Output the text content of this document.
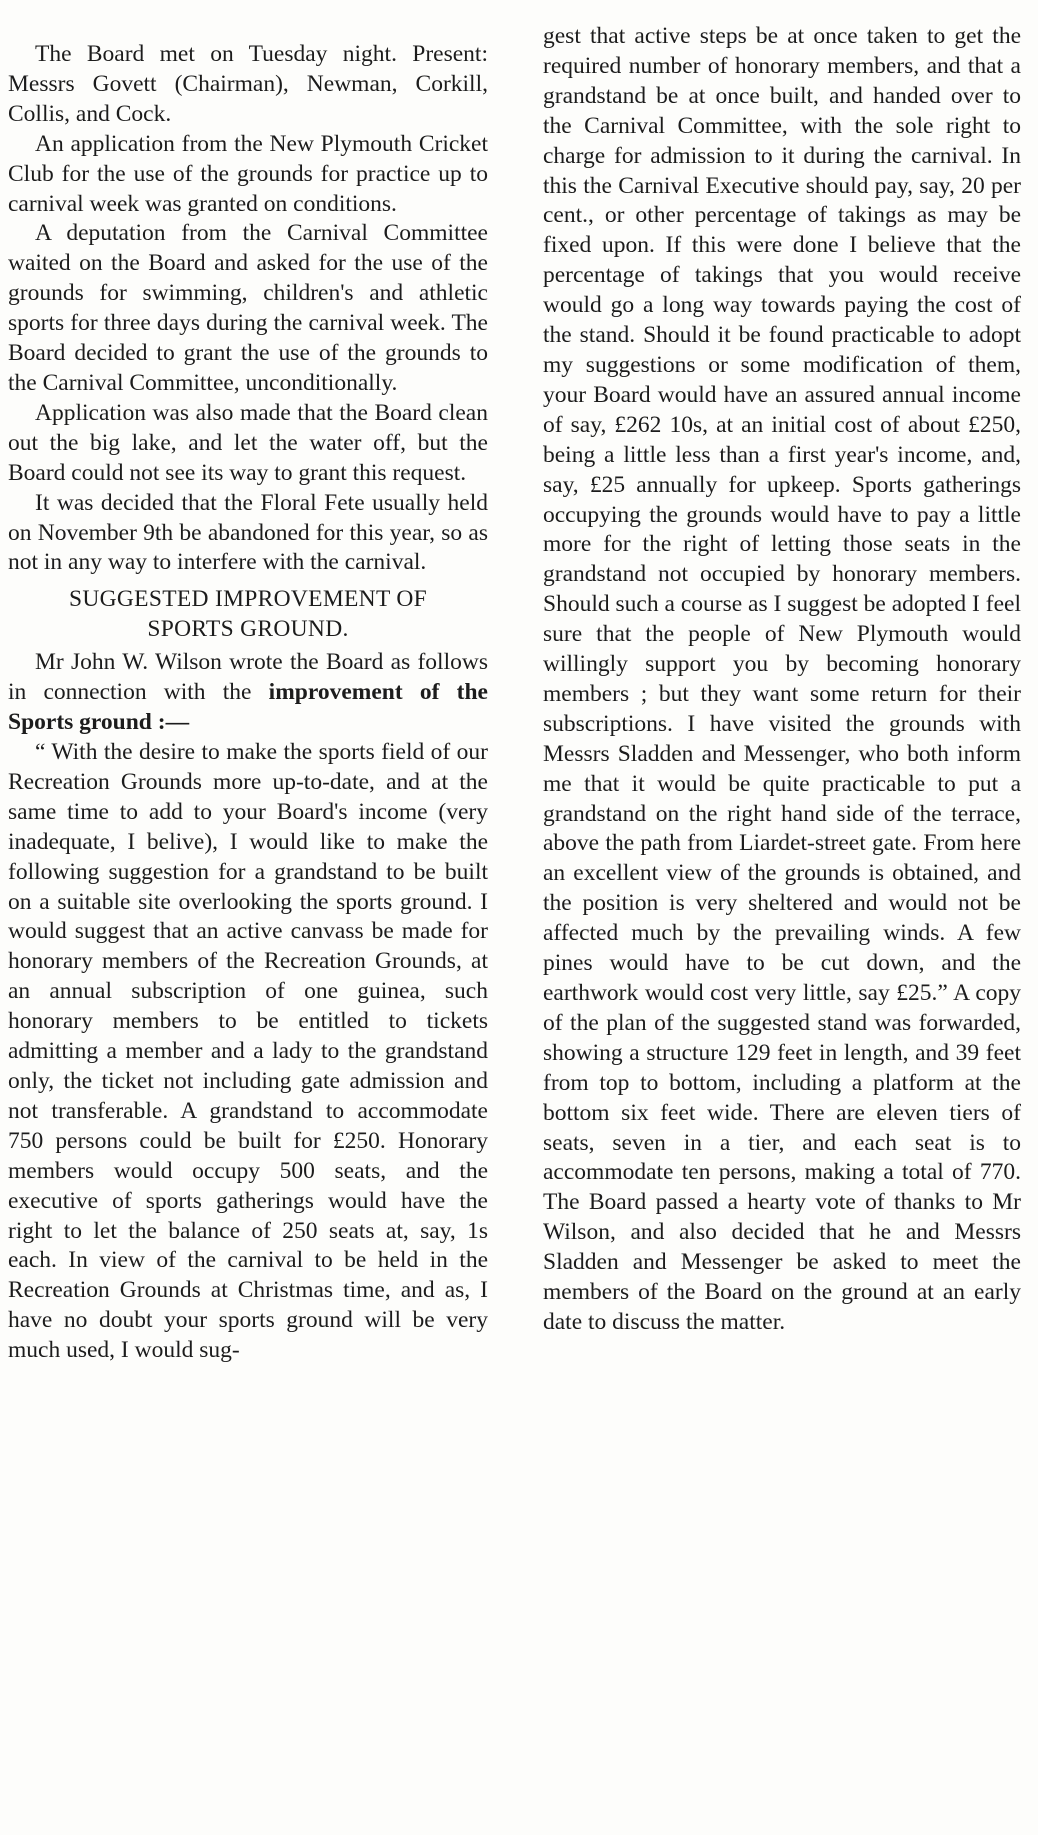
The Board met on Tuesday night. Present: Messrs Govett (Chairman), Newman, Corkill, Collis, and Cock.

An application from the New Plymouth Cricket Club for the use of the grounds for practice up to carnival week was granted on conditions.

A deputation from the Carnival Committee waited on the Board and asked for the use of the grounds for swimming, children's and athletic sports for three days during the carnival week. The Board decided to grant the use of the grounds to the Carnival Committee, unconditionally.

Application was also made that the Board clean out the big lake, and let the water off, but the Board could not see its way to grant this request.

It was decided that the Floral Fete usually held on November 9th be abandoned for this year, so as not in any way to interfere with the carnival.

SUGGESTED IMPROVEMENT OF
SPORTS GROUND.

Mr John W. Wilson wrote the Board as follows in connection with the improvement of the Sports ground :—

“ With the desire to make the sports field of our Recreation Grounds more up-to-date, and at the same time to add to your Board's income (very inadequate, I belive), I would like to make the following suggestion for a grandstand to be built on a suitable site overlooking the sports ground. I would suggest that an active canvass be made for honorary members of the Recreation Grounds, at an annual subscription of one guinea, such honorary members to be entitled to tickets admitting a member and a lady to the grandstand only, the ticket not including gate admission and not transferable. A grandstand to accommodate 750 persons could be built for £250. Honorary members would occupy 500 seats, and the executive of sports gatherings would have the right to let the balance of 250 seats at, say, 1s each. In view of the carnival to be held in the Recreation Grounds at Christmas time, and as, I have no doubt your sports ground will be very much used, I would sug-

gest that active steps be at once taken to get the required number of honorary members, and that a grandstand be at once built, and handed over to the Carnival Committee, with the sole right to charge for admission to it during the carnival. In this the Carnival Executive should pay, say, 20 per cent., or other percentage of takings as may be fixed upon. If this were done I believe that the percentage of takings that you would receive would go a long way towards paying the cost of the stand. Should it be found practicable to adopt my suggestions or some modification of them, your Board would have an assured annual income of say, £262 10s, at an initial cost of about £250, being a little less than a first year's income, and, say, £25 annually for upkeep. Sports gatherings occupying the grounds would have to pay a little more for the right of letting those seats in the grandstand not occupied by honorary members. Should such a course as I suggest be adopted I feel sure that the people of New Plymouth would willingly support you by becoming honorary members ; but they want some return for their subscriptions. I have visited the grounds with Messrs Sladden and Messenger, who both inform me that it would be quite practicable to put a grandstand on the right hand side of the terrace, above the path from Liardet-street gate. From here an excellent view of the grounds is obtained, and the position is very sheltered and would not be affected much by the prevailing winds. A few pines would have to be cut down, and the earthwork would cost very little, say £25.” A copy of the plan of the suggested stand was forwarded, showing a structure 129 feet in length, and 39 feet from top to bottom, including a platform at the bottom six feet wide. There are eleven tiers of seats, seven in a tier, and each seat is to accommodate ten persons, making a total of 770. The Board passed a hearty vote of thanks to Mr Wilson, and also decided that he and Messrs Sladden and Messenger be asked to meet the members of the Board on the ground at an early date to discuss the matter.
